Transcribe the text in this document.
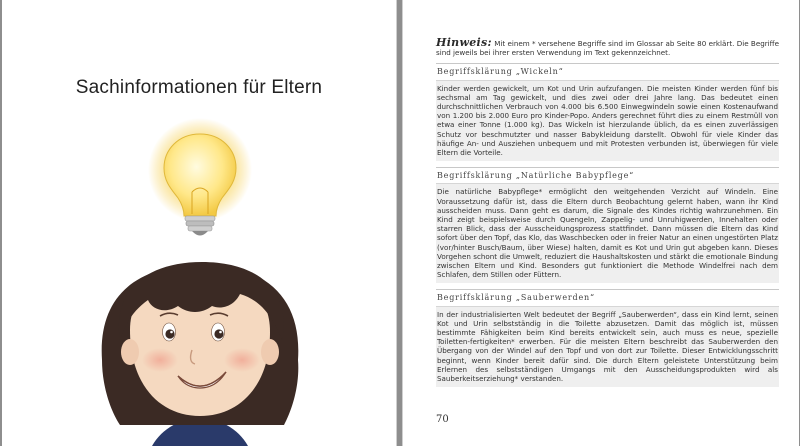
Sachinformationen für Eltern
Hinweis: Mit einem * versehene Begriffe sind im Glossar ab Seite 80 erklärt. Die Begriffe sind jeweils bei ihrer ersten Verwendung im Text gekennzeichnet.
Begriffsklärung „Wickeln“
Kinder werden gewickelt, um Kot und Urin aufzufangen. Die meisten Kinder werden fünf bis sechsmal am Tag gewickelt, und dies zwei oder drei Jahre lang. Das bedeutet einen durchschnittlichen Verbrauch von 4.000 bis 6.500 Einwegwindeln sowie einen Kostenaufwand von 1.200 bis 2.000 Euro pro Kinder-Popo. Anders gerechnet führt dies zu einem Restmüll von etwa einer Tonne (1.000 kg). Das Wickeln ist hierzulande üblich, da es einen zuverlässigen Schutz vor beschmutzter und nasser Babykleidung darstellt. Obwohl für viele Kinder das häufige An- und Ausziehen unbequem und mit Protesten verbunden ist, überwiegen für viele Eltern die Vorteile.
Begriffsklärung „Natürliche Babypflege“
Die natürliche Babypflege* ermöglicht den weitgehenden Verzicht auf Windeln. Eine Voraussetzung dafür ist, dass die Eltern durch Beobachtung gelernt haben, wann ihr Kind ausscheiden muss. Dann geht es darum, die Signale des Kindes richtig wahrzunehmen. Ein Kind zeigt beispielsweise durch Quengeln, Zappelig- und Unruhigwerden, Innehalten oder starren Blick, dass der Ausscheidungsprozess stattfindet. Dann müssen die Eltern das Kind sofort über den Topf, das Klo, das Waschbecken oder in freier Natur an einen ungestörten Platz (vor/hinter Busch/Baum, über Wiese) halten, damit es Kot und Urin gut abgeben kann. Dieses Vorgehen schont die Umwelt, reduziert die Haushaltskosten und stärkt die emotionale Bindung zwischen Eltern und Kind. Besonders gut funktioniert die Methode Windelfrei nach dem Schlafen, dem Stillen oder Füttern.
Begriffsklärung „Sauberwerden“
In der industrialisierten Welt bedeutet der Begriff „Sauberwerden“, dass ein Kind lernt, seinen Kot und Urin selbstständig in die Toilette abzusetzen. Damit das möglich ist, müssen bestimmte Fähigkeiten beim Kind bereits entwickelt sein, auch muss es neue, spezielle Toiletten-fertigkeiten* erwerben. Für die meisten Eltern beschreibt das Sauberwerden den Übergang von der Windel auf den Topf und von dort zur Toilette. Dieser Entwicklungsschritt beginnt, wenn Kinder bereit dafür sind. Die durch Eltern geleistete Unterstützung beim Erlernen des selbstständigen Umgangs mit den Ausscheidungsprodukten wird als Sauberkeitserziehung* verstanden.
70
